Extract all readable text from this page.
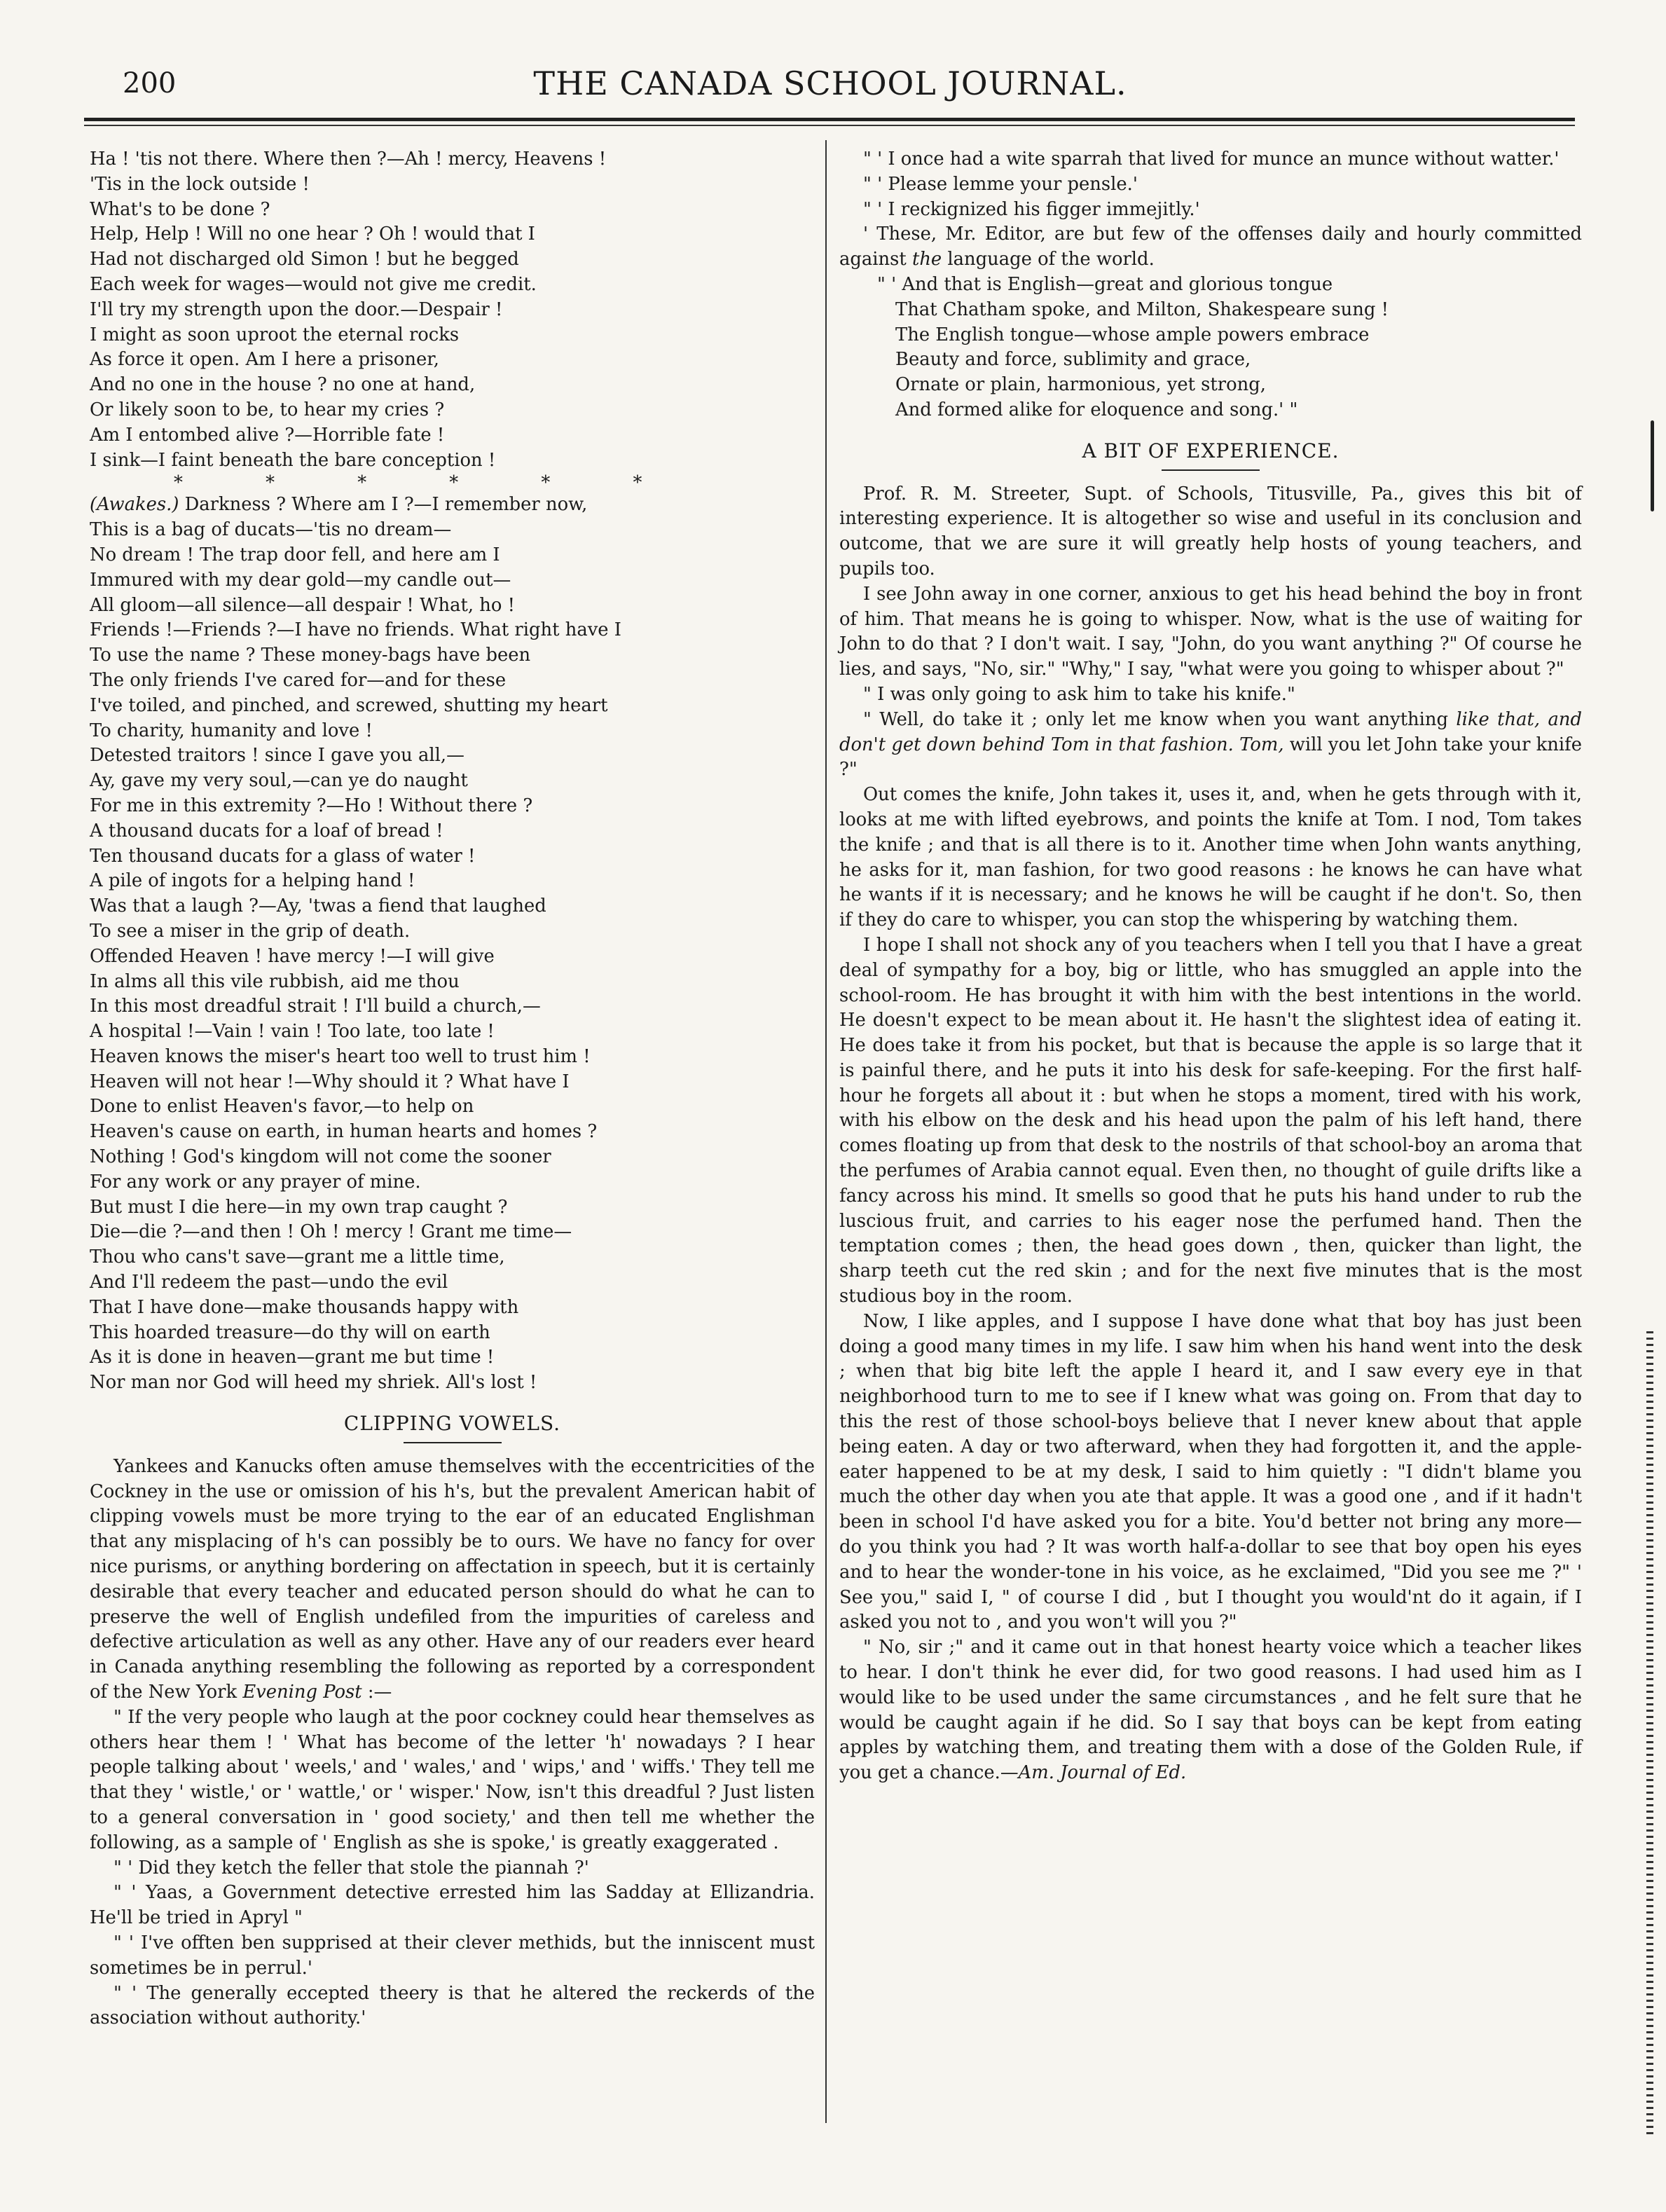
200	THE CANADA SCHOOL JOURNAL.

Ha ! 'tis not there. Where then ?—Ah ! mercy, Heavens !

'Tis in the lock outside !

What's to be done ?

Help, Help ! Will no one hear ? Oh ! would that I

Had not discharged old Simon ! but he begged

Each week for wages—would not give me credit.

I'll try my strength upon the door.—Despair !

I might as soon uproot the eternal rocks

As force it open. Am I here a prisoner,

And no one in the house ? no one at hand,

Or likely soon to be, to hear my cries ?

Am I entombed alive ?—Horrible fate !

I sink—I faint beneath the bare conception !

* * * * * *

(Awakes.) Darkness ? Where am I ?—I remember now,

This is a bag of ducats—'tis no dream—

No dream ! The trap door fell, and here am I

Immured with my dear gold—my candle out—

All gloom—all silence—all despair ! What, ho !

Friends !—Friends ?—I have no friends. What right have I

To use the name ? These money-bags have been

The only friends I've cared for—and for these

I've toiled, and pinched, and screwed, shutting my heart

To charity, humanity and love !

Detested traitors ! since I gave you all,—

Ay, gave my very soul,—can ye do naught

For me in this extremity ?—Ho ! Without there ?

A thousand ducats for a loaf of bread !

Ten thousand ducats for a glass of water !

A pile of ingots for a helping hand !

Was that a laugh ?—Ay, 'twas a fiend that laughed

To see a miser in the grip of death.

Offended Heaven ! have mercy !—I will give

In alms all this vile rubbish, aid me thou

In this most dreadful strait ! I'll build a church,—

A hospital !—Vain ! vain ! Too late, too late !

Heaven knows the miser's heart too well to trust him !

Heaven will not hear !—Why should it ? What have I

Done to enlist Heaven's favor,—to help on

Heaven's cause on earth, in human hearts and homes ?

Nothing ! God's kingdom will not come the sooner

For any work or any prayer of mine.

But must I die here—in my own trap caught ?

Die—die ?—and then ! Oh ! mercy ! Grant me time—

Thou who cans't save—grant me a little time,

And I'll redeem the past—undo the evil

That I have done—make thousands happy with

This hoarded treasure—do thy will on earth

As it is done in heaven—grant me but time !

Nor man nor God will heed my shriek. All's lost !

CLIPPING VOWELS.

Yankees and Kanucks often amuse themselves with the eccentricities of the Cockney in the use or omission of his h's, but the prevalent American habit of clipping vowels must be more trying to the ear of an educated Englishman that any misplacing of h's can possibly be to ours. We have no fancy for over nice purisms, or anything bordering on affectation in speech, but it is certainly desirable that every teacher and educated person should do what he can to preserve the well of English undefiled from the impurities of careless and defective articulation as well as any other. Have any of our readers ever heard in Canada anything resembling the following as reported by a correspondent of the New York Evening Post :—

" If the very people who laugh at the poor cockney could hear themselves as others hear them ! ' What has become of the letter 'h' nowadays ? I hear people talking about ' weels,' and ' wales,' and ' wips,' and ' wiffs.' They tell me that they ' wistle,' or ' wattle,' or ' wisper.' Now, isn't this dreadful ? Just listen to a general conversation in ' good society,' and then tell me whether the following, as a sample of ' English as she is spoke,' is greatly exaggerated .

" ' Did they ketch the feller that stole the piannah ?'

" ' Yaas, a Government detective errested him las Sadday at Ellizandria. He'll be tried in Apryl "

" ' I've offten ben supprised at their clever methids, but the inniscent must sometimes be in perrul.'

" ' The generally eccepted theery is that he altered the reckerds of the association without authority.'

" ' I once had a wite sparrah that lived for munce an munce without watter.'

" ' Please lemme your pensle.'

" ' I reckignized his figger immejitly.'

' These, Mr. Editor, are but few of the offenses daily and hourly committed against the language of the world.

" ' And that is English—great and glorious tongue

That Chatham spoke, and Milton, Shakespeare sung !

The English tongue—whose ample powers embrace

Beauty and force, sublimity and grace,

Ornate or plain, harmonious, yet strong,

And formed alike for eloquence and song.' "

A BIT OF EXPERIENCE.

Prof. R. M. Streeter, Supt. of Schools, Titusville, Pa., gives this bit of interesting experience. It is altogether so wise and useful in its conclusion and outcome, that we are sure it will greatly help hosts of young teachers, and pupils too.

I see John away in one corner, anxious to get his head behind the boy in front of him. That means he is going to whisper. Now, what is the use of waiting for John to do that ? I don't wait. I say, "John, do you want anything ?" Of course he lies, and says, "No, sir." "Why," I say, "what were you going to whisper about ?"

" I was only going to ask him to take his knife."

" Well, do take it ; only let me know when you want anything like that, and don't get down behind Tom in that fashion. Tom, will you let John take your knife ?"

Out comes the knife, John takes it, uses it, and, when he gets through with it, looks at me with lifted eyebrows, and points the knife at Tom. I nod, Tom takes the knife ; and that is all there is to it. Another time when John wants anything, he asks for it, man fashion, for two good reasons : he knows he can have what he wants if it is necessary; and he knows he will be caught if he don't. So, then if they do care to whisper, you can stop the whispering by watching them.

I hope I shall not shock any of you teachers when I tell you that I have a great deal of sympathy for a boy, big or little, who has smuggled an apple into the school-room. He has brought it with him with the best intentions in the world. He doesn't expect to be mean about it. He hasn't the slightest idea of eating it. He does take it from his pocket, but that is because the apple is so large that it is painful there, and he puts it into his desk for safe-keeping. For the first half-hour he forgets all about it : but when he stops a moment, tired with his work, with his elbow on the desk and his head upon the palm of his left hand, there comes floating up from that desk to the nostrils of that school-boy an aroma that the perfumes of Arabia cannot equal. Even then, no thought of guile drifts like a fancy across his mind. It smells so good that he puts his hand under to rub the luscious fruit, and carries to his eager nose the perfumed hand. Then the temptation comes ; then, the head goes down , then, quicker than light, the sharp teeth cut the red skin ; and for the next five minutes that is the most studious boy in the room.

Now, I like apples, and I suppose I have done what that boy has just been doing a good many times in my life. I saw him when his hand went into the desk ; when that big bite left the apple I heard it, and I saw every eye in that neighborhood turn to me to see if I knew what was going on. From that day to this the rest of those school-boys believe that I never knew about that apple being eaten. A day or two afterward, when they had forgotten it, and the apple-eater happened to be at my desk, I said to him quietly : "I didn't blame you much the other day when you ate that apple. It was a good one , and if it hadn't been in school I'd have asked you for a bite. You'd better not bring any more—do you think you had ? It was worth half-a-dollar to see that boy open his eyes and to hear the wonder-tone in his voice, as he exclaimed, "Did you see me ?" ' See you," said I, " of course I did , but I thought you would'nt do it again, if I asked you not to , and you won't will you ?"

" No, sir ;" and it came out in that honest hearty voice which a teacher likes to hear. I don't think he ever did, for two good reasons. I had used him as I would like to be used under the same circumstances , and he felt sure that he would be caught again if he did. So I say that boys can be kept from eating apples by watching them, and treating them with a dose of the Golden Rule, if you get a chance.—Am. Journal of Ed.
